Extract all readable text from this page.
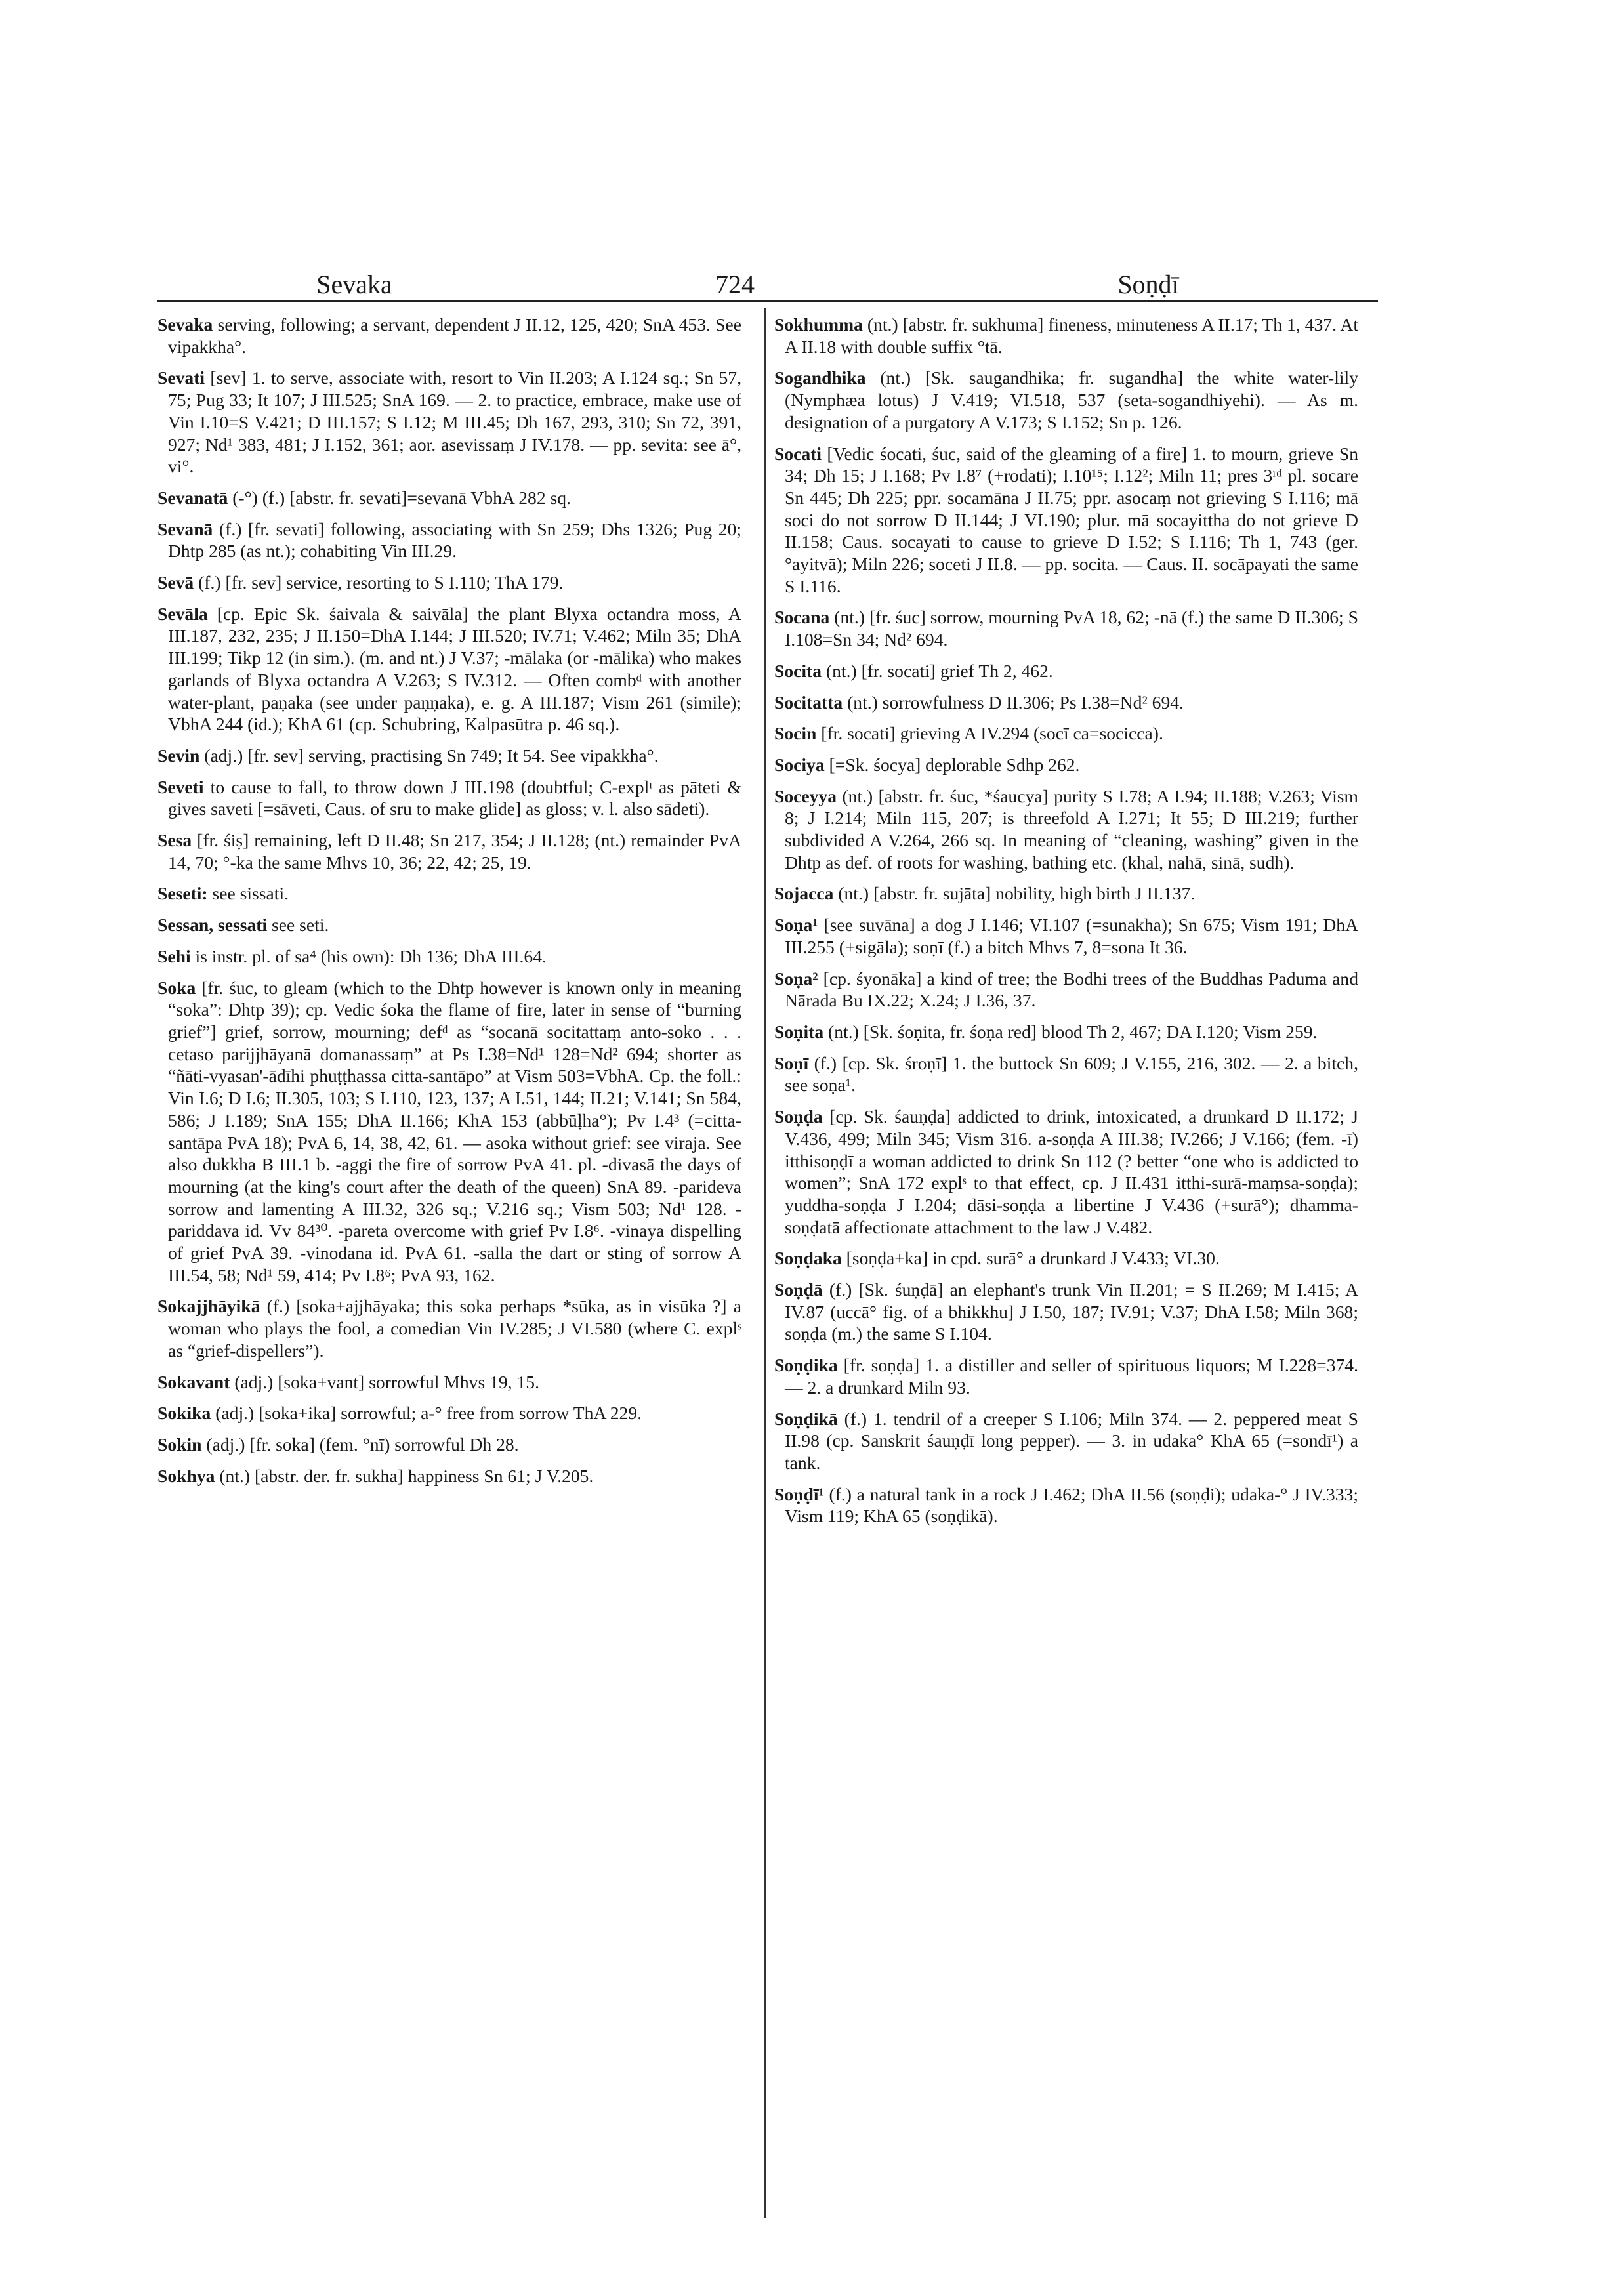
Sevaka	724	Soṇḍī

Sevaka serving, following; a servant, dependent J II.12, 125, 420; SnA 453. See vipakkha°.

Sevati [sev] 1. to serve, associate with, resort to Vin II.203; A I.124 sq.; Sn 57, 75; Pug 33; It 107; J III.525; SnA 169. — 2. to practice, embrace, make use of Vin I.10=S V.421; D III.157; S I.12; M III.45; Dh 167, 293, 310; Sn 72, 391, 927; Nd¹ 383, 481; J I.152, 361; aor. asevissaṃ J IV.178. — pp. sevita: see ā°, vi°.

Sevanatā (-°) (f.) [abstr. fr. sevati]=sevanā VbhA 282 sq.

Sevanā (f.) [fr. sevati] following, associating with Sn 259; Dhs 1326; Pug 20; Dhtp 285 (as nt.); cohabiting Vin III.29.

Sevā (f.) [fr. sev] service, resorting to S I.110; ThA 179.

Sevāla [cp. Epic Sk. śaivala & saivāla] the plant Blyxa octandra moss, A III.187, 232, 235; J II.150=DhA I.144; J III.520; IV.71; V.462; Miln 35; DhA III.199; Tikp 12 (in sim.). (m. and nt.) J V.37; -mālaka (or -mālika) who makes garlands of Blyxa octandra A V.263; S IV.312. — Often combᵈ with another water-plant, paṇaka (see under paṇṇaka), e. g. A III.187; Vism 261 (simile); VbhA 244 (id.); KhA 61 (cp. Schubring, Kalpasūtra p. 46 sq.).

Sevin (adj.) [fr. sev] serving, practising Sn 749; It 54. See vipakkha°.

Seveti to cause to fall, to throw down J III.198 (doubtful; C-explᶦ as pāteti & gives saveti [=sāveti, Caus. of sru to make glide] as gloss; v. l. also sādeti).

Sesa [fr. śiṣ] remaining, left D II.48; Sn 217, 354; J II.128; (nt.) remainder PvA 14, 70; °-ka the same Mhvs 10, 36; 22, 42; 25, 19.

Seseti: see sissati.

Sessan, sessati see seti.

Sehi is instr. pl. of sa⁴ (his own): Dh 136; DhA III.64.

Soka [fr. śuc, to gleam (which to the Dhtp however is known only in meaning “soka”: Dhtp 39); cp. Vedic śoka the flame of fire, later in sense of “burning grief”] grief, sorrow, mourning; defᵈ as “socanā socitattaṃ anto-soko . . . cetaso parijjhāyanā domanassaṃ” at Ps I.38=Nd¹ 128=Nd² 694; shorter as “ñāti-vyasan'-ādīhi phuṭṭhassa citta-santāpo” at Vism 503=VbhA. Cp. the foll.: Vin I.6; D I.6; II.305, 103; S I.110, 123, 137; A I.51, 144; II.21; V.141; Sn 584, 586; J I.189; SnA 155; DhA II.166; KhA 153 (abbūḷha°); Pv I.4³ (=citta-santāpa PvA 18); PvA 6, 14, 38, 42, 61. — asoka without grief: see viraja. See also dukkha B III.1 b. -aggi the fire of sorrow PvA 41. pl. -divasā the days of mourning (at the king's court after the death of the queen) SnA 89. -parideva sorrow and lamenting A III.32, 326 sq.; V.216 sq.; Vism 503; Nd¹ 128. -pariddava id. Vv 84³⁰. -pareta overcome with grief Pv I.8⁶. -vinaya dispelling of grief PvA 39. -vinodana id. PvA 61. -salla the dart or sting of sorrow A III.54, 58; Nd¹ 59, 414; Pv I.8⁶; PvA 93, 162.

Sokajjhāyikā (f.) [soka+ajjhāyaka; this soka perhaps *sūka, as in visūka ?] a woman who plays the fool, a comedian Vin IV.285; J VI.580 (where C. explˢ as “grief-dispellers”).

Sokavant (adj.) [soka+vant] sorrowful Mhvs 19, 15.

Sokika (adj.) [soka+ika] sorrowful; a-° free from sorrow ThA 229.

Sokin (adj.) [fr. soka] (fem. °nī) sorrowful Dh 28.

Sokhya (nt.) [abstr. der. fr. sukha] happiness Sn 61; J V.205.

Sokhumma (nt.) [abstr. fr. sukhuma] fineness, minuteness A II.17; Th 1, 437. At A II.18 with double suffix °tā.

Sogandhika (nt.) [Sk. saugandhika; fr. sugandha] the white water-lily (Nymphæa lotus) J V.419; VI.518, 537 (seta-sogandhiyehi). — As m. designation of a purgatory A V.173; S I.152; Sn p. 126.

Socati [Vedic śocati, śuc, said of the gleaming of a fire] 1. to mourn, grieve Sn 34; Dh 15; J I.168; Pv I.8⁷ (+rodati); I.10¹⁵; I.12²; Miln 11; pres 3ʳᵈ pl. socare Sn 445; Dh 225; ppr. socamāna J II.75; ppr. asocaṃ not grieving S I.116; mā soci do not sorrow D II.144; J VI.190; plur. mā socayittha do not grieve D II.158; Caus. socayati to cause to grieve D I.52; S I.116; Th 1, 743 (ger. °ayitvā); Miln 226; soceti J II.8. — pp. socita. — Caus. II. socāpayati the same S I.116.

Socana (nt.) [fr. śuc] sorrow, mourning PvA 18, 62; -nā (f.) the same D II.306; S I.108=Sn 34; Nd² 694.

Socita (nt.) [fr. socati] grief Th 2, 462.

Socitatta (nt.) sorrowfulness D II.306; Ps I.38=Nd² 694.

Socin [fr. socati] grieving A IV.294 (socī ca=socicca).

Sociya [=Sk. śocya] deplorable Sdhp 262.

Soceyya (nt.) [abstr. fr. śuc, *śaucya] purity S I.78; A I.94; II.188; V.263; Vism 8; J I.214; Miln 115, 207; is threefold A I.271; It 55; D III.219; further subdivided A V.264, 266 sq. In meaning of “cleaning, washing” given in the Dhtp as def. of roots for washing, bathing etc. (khal, nahā, sinā, sudh).

Sojacca (nt.) [abstr. fr. sujāta] nobility, high birth J II.137.

Soṇa¹ [see suvāna] a dog J I.146; VI.107 (=sunakha); Sn 675; Vism 191; DhA III.255 (+sigāla); soṇī (f.) a bitch Mhvs 7, 8=sona It 36.

Soṇa² [cp. śyonāka] a kind of tree; the Bodhi trees of the Buddhas Paduma and Nārada Bu IX.22; X.24; J I.36, 37.

Soṇita (nt.) [Sk. śoṇita, fr. śoṇa red] blood Th 2, 467; DA I.120; Vism 259.

Soṇī (f.) [cp. Sk. śroṇī] 1. the buttock Sn 609; J V.155, 216, 302. — 2. a bitch, see soṇa¹.

Soṇḍa [cp. Sk. śauṇḍa] addicted to drink, intoxicated, a drunkard D II.172; J V.436, 499; Miln 345; Vism 316. a-soṇḍa A III.38; IV.266; J V.166; (fem. -ī) itthisoṇḍī a woman addicted to drink Sn 112 (? better “one who is addicted to women”; SnA 172 explˢ to that effect, cp. J II.431 itthi-surā-maṃsa-soṇḍa); yuddha-soṇḍa J I.204; dāsi-soṇḍa a libertine J V.436 (+surā°); dhamma-soṇḍatā affectionate attachment to the law J V.482.

Soṇḍaka [soṇḍa+ka] in cpd. surā° a drunkard J V.433; VI.30.

Soṇḍā (f.) [Sk. śuṇḍā] an elephant's trunk Vin II.201; = S II.269; M I.415; A IV.87 (uccā° fig. of a bhikkhu] J I.50, 187; IV.91; V.37; DhA I.58; Miln 368; soṇḍa (m.) the same S I.104.

Soṇḍika [fr. soṇḍa] 1. a distiller and seller of spirituous liquors; M I.228=374. — 2. a drunkard Miln 93.

Soṇḍikā (f.) 1. tendril of a creeper S I.106; Miln 374. — 2. peppered meat S II.98 (cp. Sanskrit śauṇḍī long pepper). — 3. in udaka° KhA 65 (=sondī¹) a tank.

Soṇḍī¹ (f.) a natural tank in a rock J I.462; DhA II.56 (soṇḍi); udaka-° J IV.333; Vism 119; KhA 65 (soṇḍikā).
